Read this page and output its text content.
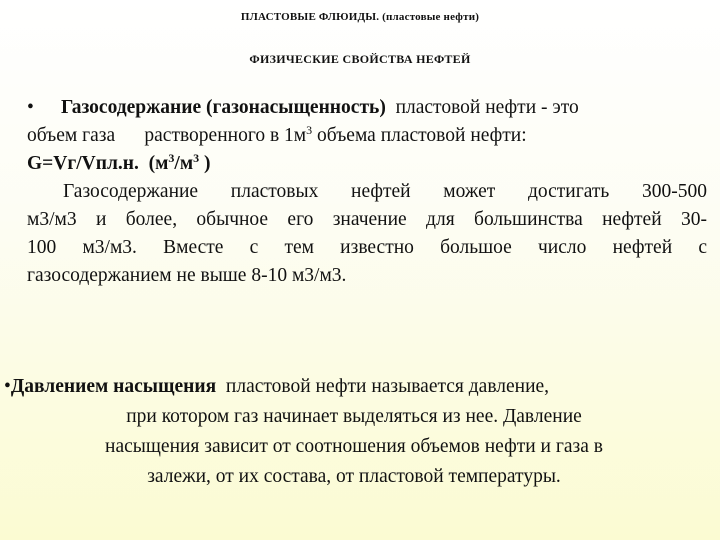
ПЛАСТОВЫЕ ФЛЮИДЫ. (пластовые нефти)
ФИЗИЧЕСКИЕ СВОЙСТВА НЕФТЕЙ
• Газосодержание (газонасыщенность) пластовой нефти - это
объем газа растворенного в $1м^3$ объема пластовой нефти:
G=Vг/Vпл.н. ($м^3/м^3$ )
Газосодержание пластовых нефтей может достигать 300-500
м3/м3 и более, обычное его значение для большинства нефтей 30-
100 м3/м3. Вместе с тем известно большое число нефтей с
газосодержанием не выше 8-10 м3/м3.
•Давлением насыщения пластовой нефти называется давление,
при котором газ начинает выделяться из нее. Давление
насыщения зависит от соотношения объемов нефти и газа в
залежи, от их состава, от пластовой температуры.
